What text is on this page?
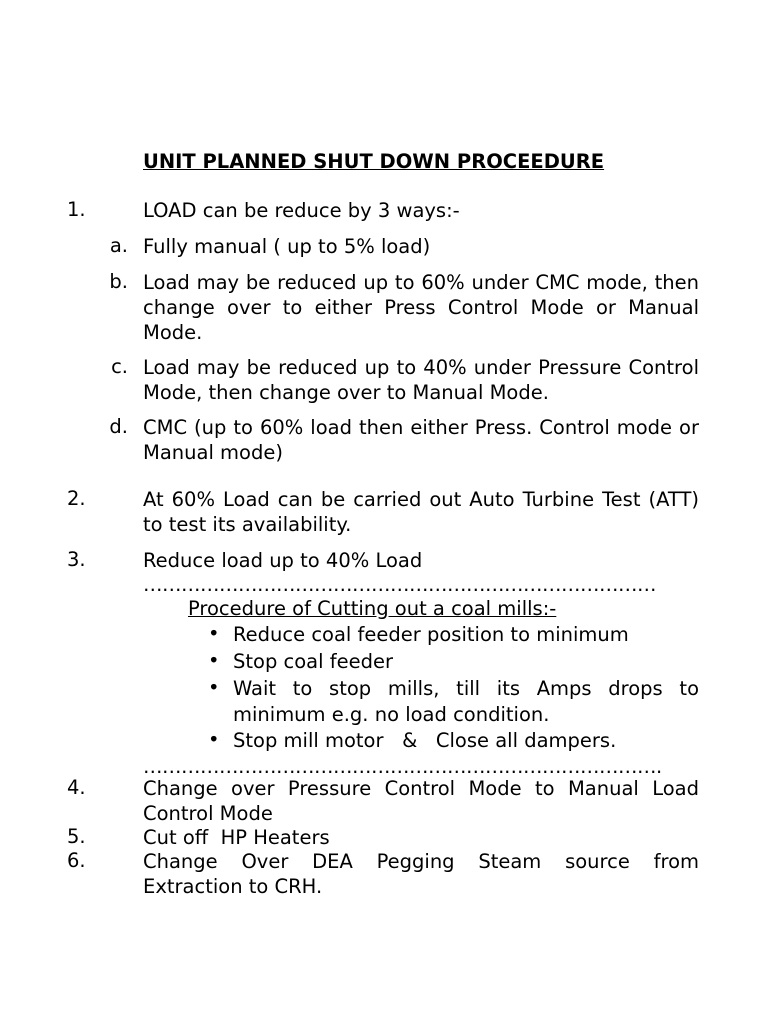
UNIT PLANNED SHUT DOWN PROCEEDURE
1.	LOAD can be reduce by 3 ways:-
a. Fully manual ( up to 5% load)
b. Load may be reduced up to 60% under CMC mode, then change over to either Press Control Mode or Manual Mode.
c. Load may be reduced up to 40% under Pressure Control Mode, then change over to Manual Mode.
d. CMC (up to 60% load then either Press. Control mode or Manual mode)
2.	At 60% Load can be carried out Auto Turbine Test (ATT) to test its availability.
3.	Reduce load up to 40% Load
………………………………………………………………………
Procedure of Cutting out a coal mills:-
• Reduce coal feeder position to minimum
• Stop coal feeder
• Wait to stop mills, till its Amps drops to minimum e.g. no load condition.
• Stop mill motor   &   Close all dampers.
……………………………………………………………………….
4.	Change over Pressure Control Mode to Manual Load Control Mode
5.	Cut off  HP Heaters
6.	Change Over DEA Pegging Steam source from Extraction to CRH.
